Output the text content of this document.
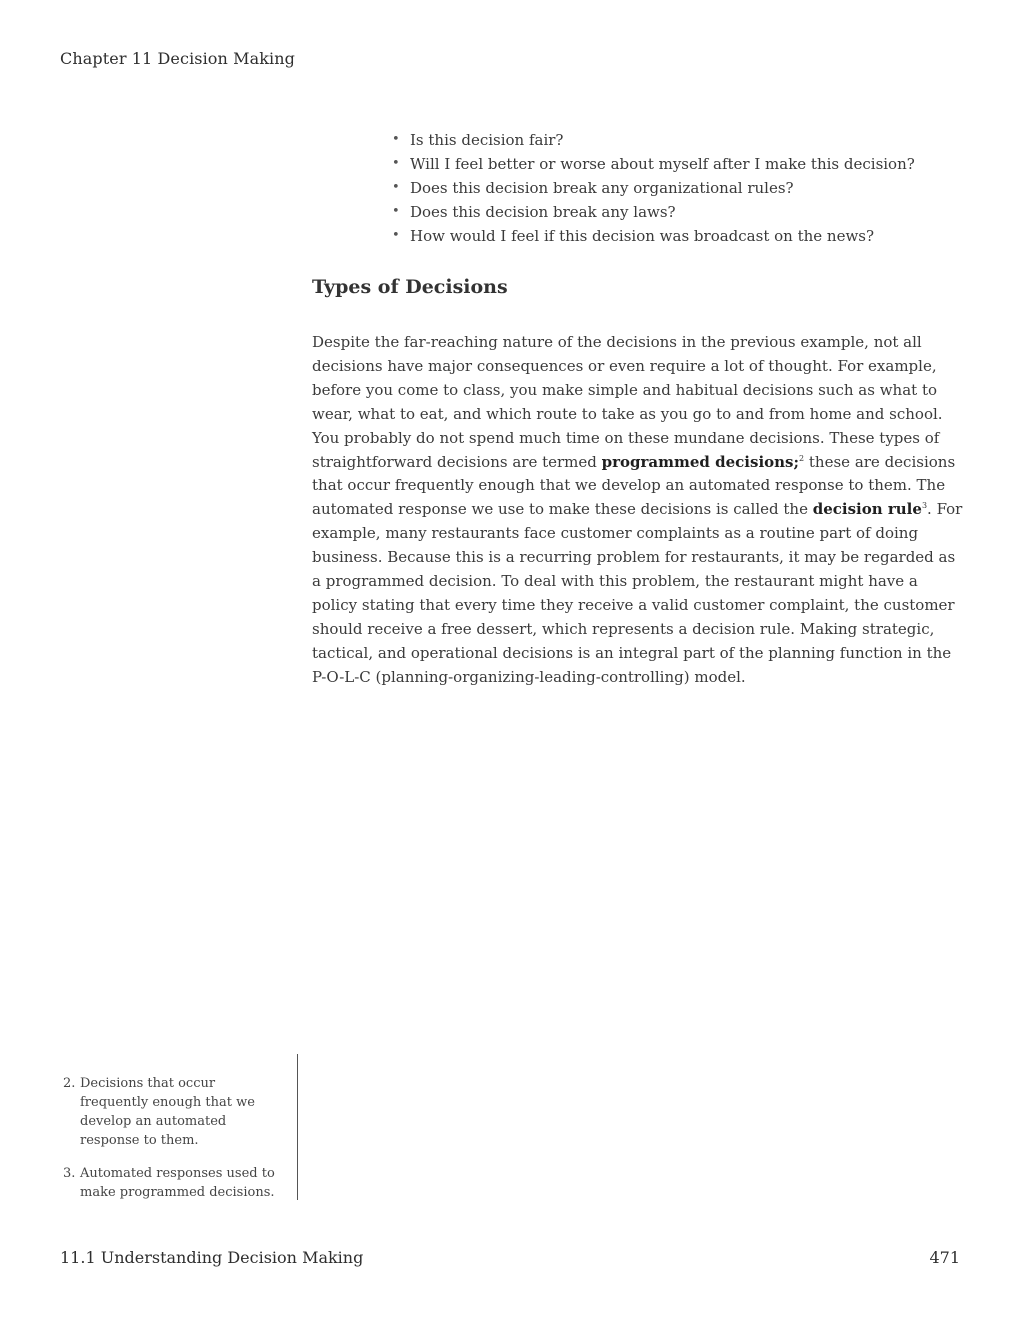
Chapter 11 Decision Making
• Is this decision fair?
• Will I feel better or worse about myself after I make this decision?
• Does this decision break any organizational rules?
• Does this decision break any laws?
• How would I feel if this decision was broadcast on the news?
Types of Decisions

Despite the far-reaching nature of the decisions in the previous example, not all decisions have major consequences or even require a lot of thought. For example, before you come to class, you make simple and habitual decisions such as what to wear, what to eat, and which route to take as you go to and from home and school. You probably do not spend much time on these mundane decisions. These types of straightforward decisions are termed programmed decisions;$^2$ these are decisions that occur frequently enough that we develop an automated response to them. The automated response we use to make these decisions is called the decision rule$^3$. For example, many restaurants face customer complaints as a routine part of doing business. Because this is a recurring problem for restaurants, it may be regarded as a programmed decision. To deal with this problem, the restaurant might have a policy stating that every time they receive a valid customer complaint, the customer should receive a free dessert, which represents a decision rule. Making strategic, tactical, and operational decisions is an integral part of the planning function in the P-O-L-C (planning-organizing-leading-controlling) model.

2. Decisions that occur frequently enough that we develop an automated response to them.
3. Automated responses used to make programmed decisions.
11.1 Understanding Decision Making	471
